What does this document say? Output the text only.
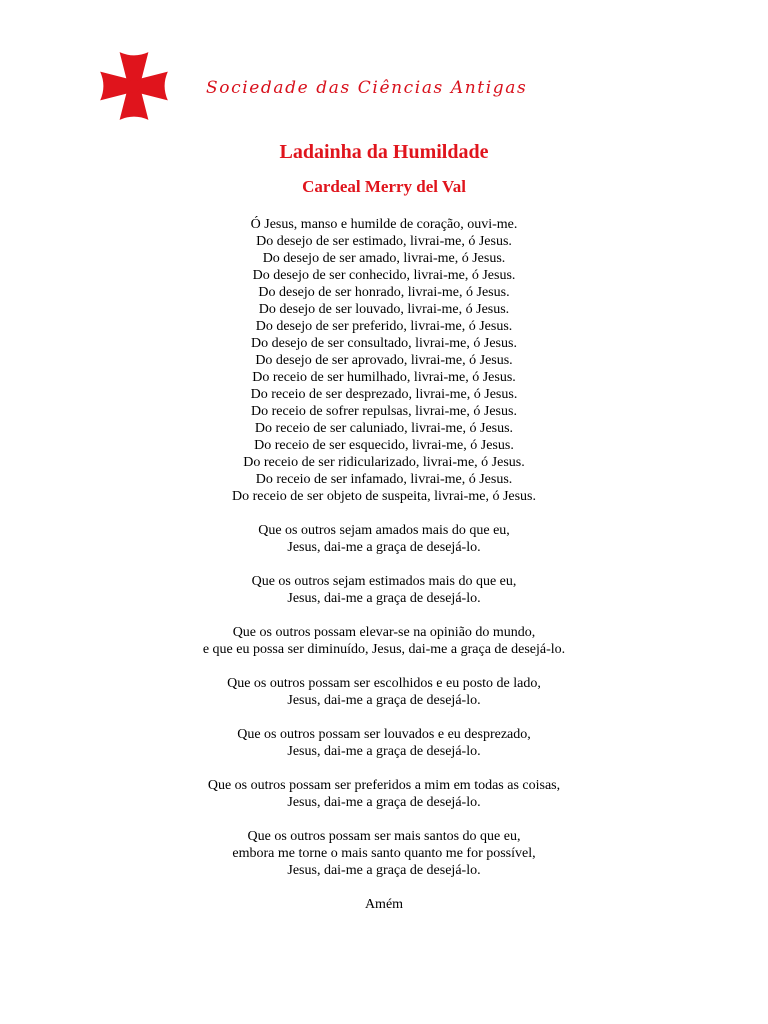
Sociedade das Ciências Antigas
Ladainha da Humildade
Cardeal Merry del Val
Ó Jesus, manso e humilde de coração, ouvi-me.
Do desejo de ser estimado, livrai-me, ó Jesus.
Do desejo de ser amado, livrai-me, ó Jesus.
Do desejo de ser conhecido, livrai-me, ó Jesus.
Do desejo de ser honrado, livrai-me, ó Jesus.
Do desejo de ser louvado, livrai-me, ó Jesus.
Do desejo de ser preferido, livrai-me, ó Jesus.
Do desejo de ser consultado, livrai-me, ó Jesus.
Do desejo de ser aprovado, livrai-me, ó Jesus.
Do receio de ser humilhado, livrai-me, ó Jesus.
Do receio de ser desprezado, livrai-me, ó Jesus.
Do receio de sofrer repulsas, livrai-me, ó Jesus.
Do receio de ser caluniado, livrai-me, ó Jesus.
Do receio de ser esquecido, livrai-me, ó Jesus.
Do receio de ser ridicularizado, livrai-me, ó Jesus.
Do receio de ser infamado, livrai-me, ó Jesus.
Do receio de ser objeto de suspeita, livrai-me, ó Jesus.
Que os outros sejam amados mais do que eu,
Jesus, dai-me a graça de desejá-lo.
Que os outros sejam estimados mais do que eu,
Jesus, dai-me a graça de desejá-lo.
Que os outros possam elevar-se na opinião do mundo,
e que eu possa ser diminuído, Jesus, dai-me a graça de desejá-lo.
Que os outros possam ser escolhidos e eu posto de lado,
Jesus, dai-me a graça de desejá-lo.
Que os outros possam ser louvados e eu desprezado,
Jesus, dai-me a graça de desejá-lo.
Que os outros possam ser preferidos a mim em todas as coisas,
Jesus, dai-me a graça de desejá-lo.
Que os outros possam ser mais santos do que eu,
embora me torne o mais santo quanto me for possível,
Jesus, dai-me a graça de desejá-lo.
Amém
